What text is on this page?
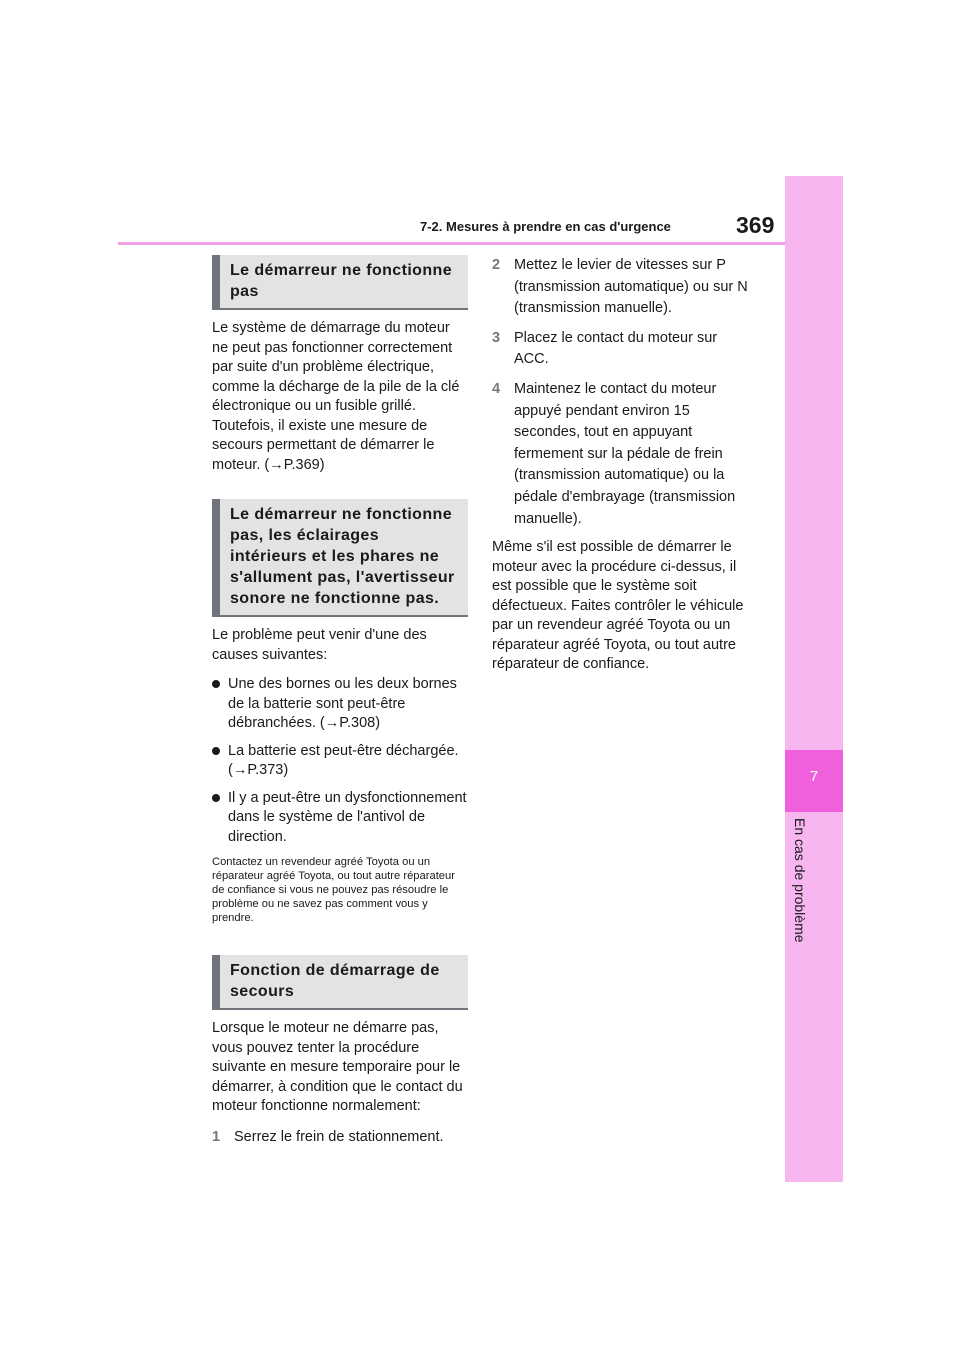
7
En cas de problème
7-2. Mesures à prendre en cas d'urgence	369
Le démarreur ne fonctionne pas

Le système de démarrage du moteur ne peut pas fonctionner correctement par suite d'un problème électrique, comme la décharge de la pile de la clé électronique ou un fusible grillé. Toutefois, il existe une mesure de secours permettant de démarrer le moteur. (→P.369)

Le démarreur ne fonctionne pas, les éclairages intérieurs et les phares ne s'allument pas, l'avertisseur sonore ne fonctionne pas.

Le problème peut venir d'une des causes suivantes:

Une des bornes ou les deux bornes de la batterie sont peut-être débranchées. (→P.308)
La batterie est peut-être déchargée. (→P.373)
Il y a peut-être un dysfonctionnement dans le système de l'antivol de direction.

Contactez un revendeur agréé Toyota ou un réparateur agréé Toyota, ou tout autre réparateur de confiance si vous ne pouvez pas résoudre le problème ou ne savez pas comment vous y prendre.

Fonction de démarrage de secours

Lorsque le moteur ne démarre pas, vous pouvez tenter la procédure suivante en mesure temporaire pour le démarrer, à condition que le contact du moteur fonctionne normalement:

1 Serrez le frein de stationnement.
2 Mettez le levier de vitesses sur P (transmission automatique) ou sur N (transmission manuelle).
3 Placez le contact du moteur sur ACC.
4 Maintenez le contact du moteur appuyé pendant environ 15 secondes, tout en appuyant fermement sur la pédale de frein (transmission automatique) ou la pédale d'embrayage (transmission manuelle).

Même s'il est possible de démarrer le moteur avec la procédure ci-dessus, il est possible que le système soit défectueux. Faites contrôler le véhicule par un revendeur agréé Toyota ou un réparateur agréé Toyota, ou tout autre réparateur de confiance.
